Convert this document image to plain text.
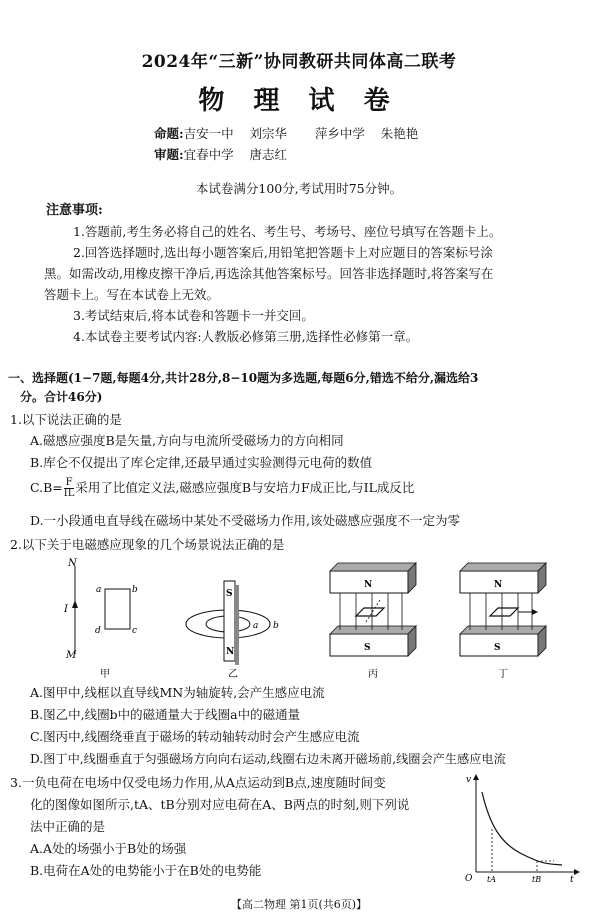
2024年“三新”协同教研共同体高二联考
物 理 试 卷
命题:吉安一中    刘宗华       萍乡中学    朱艳艳
审题:宜春中学    唐志红
本试卷满分100分,考试用时75分钟。
注意事项:
1.答题前,考生务必将自己的姓名、考生号、考场号、座位号填写在答题卡上。
2.回答选择题时,选出每小题答案后,用铅笔把答题卡上对应题目的答案标号涂
黑。如需改动,用橡皮擦干净后,再选涂其他答案标号。回答非选择题时,将答案写在
答题卡上。写在本试卷上无效。
3.考试结束后,将本试卷和答题卡一并交回。
4.本试卷主要考试内容:人教版必修第三册,选择性必修第一章。
一、选择题(1−7题,每题4分,共计28分,8−10题为多选题,每题6分,错选不给分,漏选给3
分。合计46分)
1.以下说法正确的是
A.磁感应强度B是矢量,方向与电流所受磁场力的方向相同
B.库仑不仅提出了库仑定律,还最早通过实验测得元电荷的数值
$C.B= \frac{F}{IL}$ 采用了比值定义法,磁感应强度B与安培力F成正比,与IL成反比
D.一小段通电直导线在磁场中某处不受磁场力作用,该处磁感应强度不一定为零
2.以下关于电磁感应现象的几个场景说法正确的是
N
M
I
a	b
c
d
甲
S
N
a b
乙
N
S
丙
N
S
丁
A.图甲中,线框以直导线MN为轴旋转,会产生感应电流
B.图乙中,线圈b中的磁通量大于线圈a中的磁通量
C.图丙中,线圈绕垂直于磁场的转动轴转动时会产生感应电流
D.图丁中,线圈垂直于匀强磁场方向向右运动,线圈右边未离开磁场前,线圈会产生感应电流
3.一负电荷在电场中仅受电场力作用,从A点运动到B点,速度随时间变
化的图像如图所示,tA、tB分别对应电荷在A、B两点的时刻,则下列说
法中正确的是
A.A处的场强小于B处的场强
B.电荷在A处的电势能小于在B处的电势能
v
O tA	tB	t
【高二物理 第1页(共6页)】
